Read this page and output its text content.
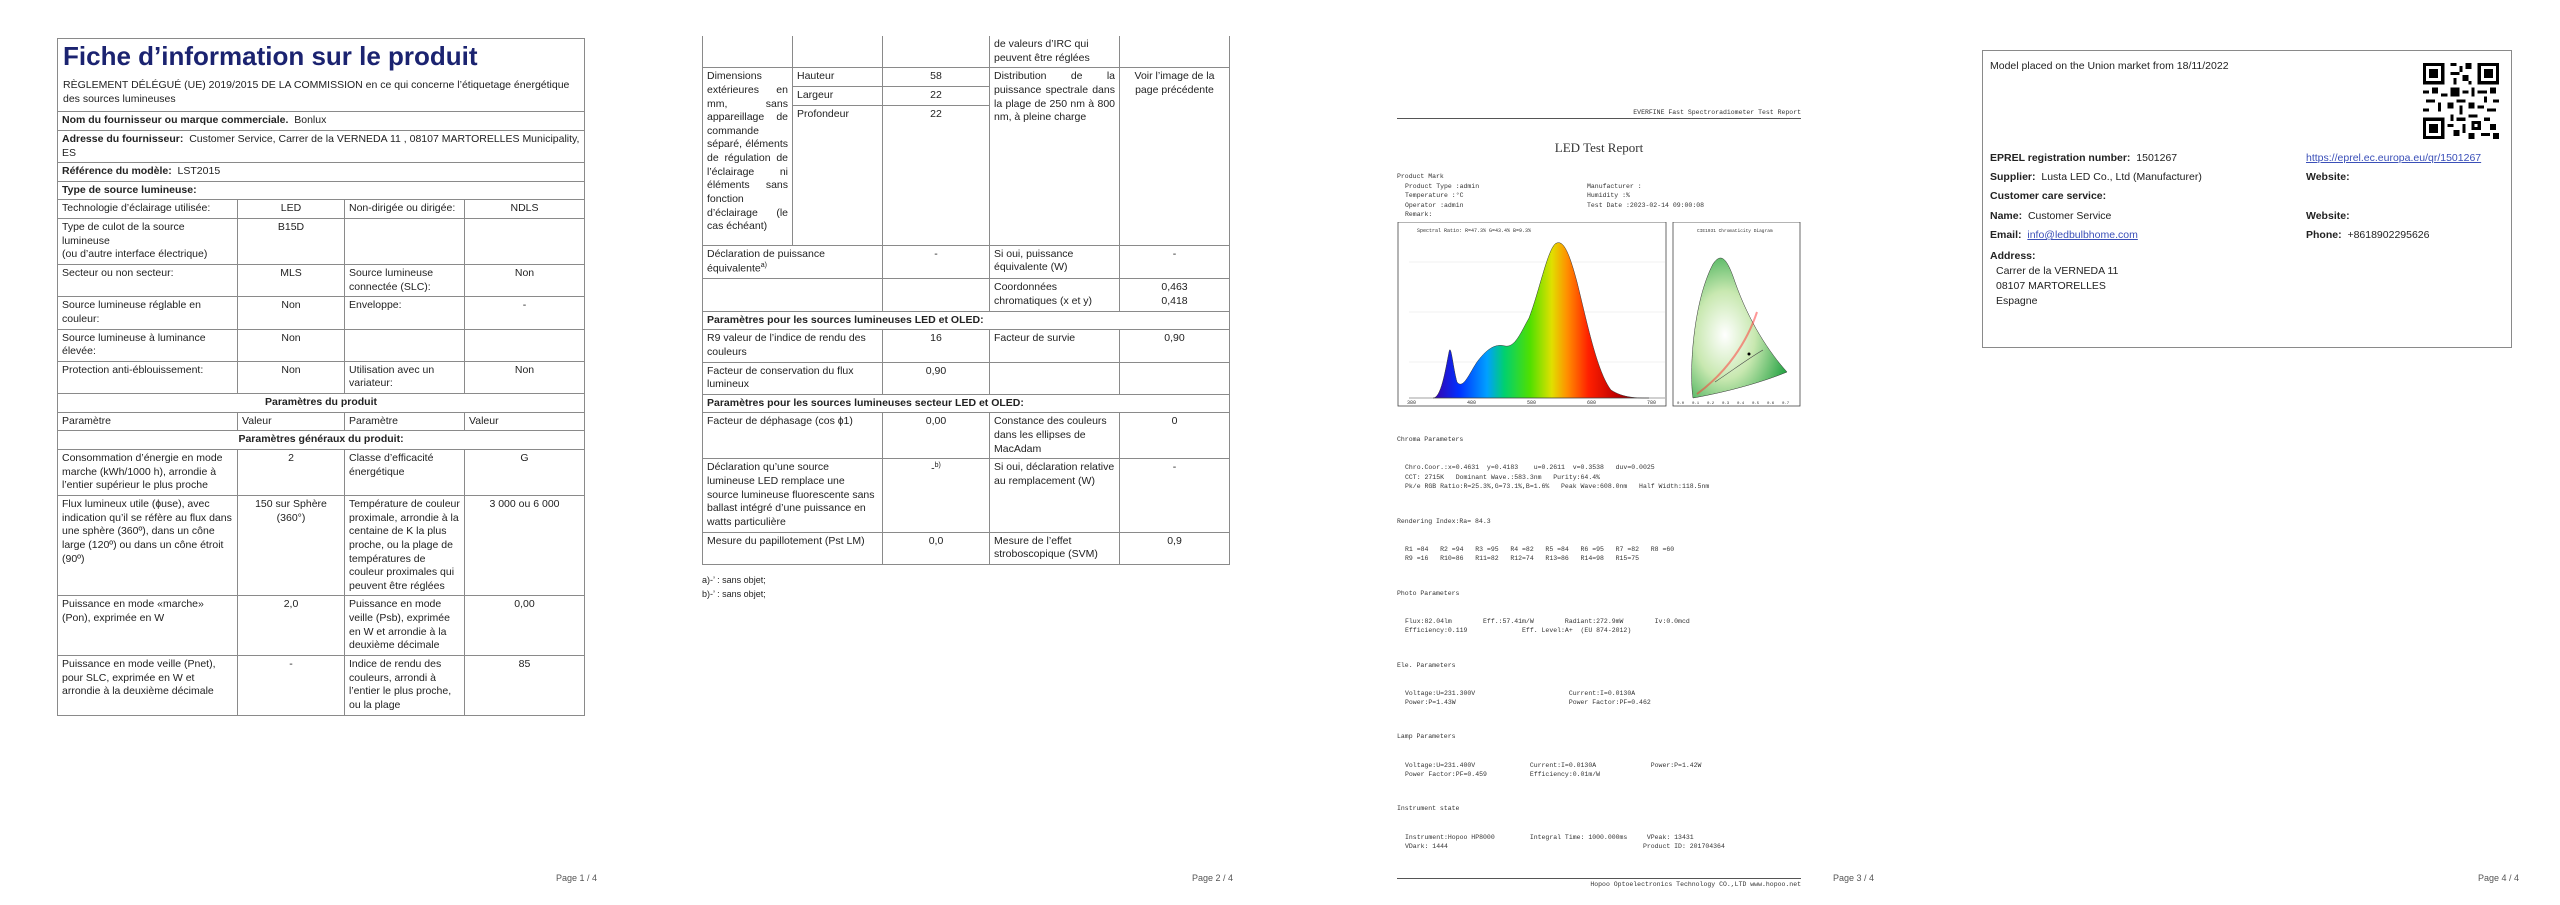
Fiche d’information sur le produit
RÈGLEMENT DÉLÉGUÉ (UE) 2019/2015 DE LA COMMISSION en ce qui concerne l’étiquetage énergétique des sources lumineuses
Nom du fournisseur ou marque commerciale. Bonlux			
Adresse du fournisseur: Customer Service, Carrer de la VERNEDA 11 , 08107 MARTORELLES Municipality, ES			
Référence du modèle: LST2015			
Type de source lumineuse:			
Technologie d’éclairage utilisée:	LED	Non-dirigée ou dirigée:	NDLS

Type de culot de la source lumineuse
(ou d’autre interface électrique)	B15D		
Secteur ou non secteur:	MLS	Source lumineuse connectée (SLC):	Non
Source lumineuse réglable en couleur:	Non	Enveloppe:	-
Source lumineuse à luminance élevée:	Non		
Protection anti-éblouissement:	Non	Utilisation avec un variateur:	Non
Paramètres du produit			
Paramètre	Valeur	Paramètre	Valeur
Paramètres généraux du produit:			
Consommation d’énergie en mode marche (kWh/1000 h), arrondie à l’entier supérieur le plus proche	2	Classe d’efficacité énergétique	G
Flux lumineux utile (ɸuse), avec indication qu’il se réfère au flux dans une sphère (360º), dans un cône large (120º) ou dans un cône étroit (90º)	150 sur Sphère (360°)	Température de couleur proximale, arrondie à la centaine de K la plus proche, ou la plage de températures de couleur proximales qui peuvent être réglées	3 000 ou 6 000
Puissance en mode «marche» (Pon), exprimée en W	2,0	Puissance en mode veille (Psb), exprimée en W et arrondie à la deuxième décimale	0,00
Puissance en mode veille (Pnet), pour SLC, exprimée en W et arrondie à la deuxième décimale	-	Indice de rendu des couleurs, arrondi à l’entier le plus proche, ou la plage	85
Page 1 / 4
			de valeurs d’IRC qui peuvent être réglées	
Dimensions extérieures en mm, sans appareillage de commande séparé, éléments de régulation de l’éclairage ni éléments sans fonction d’éclairage (le cas échéant)	Hauteur	58	Distribution de la puissance spectrale dans la plage de 250 nm à 800 nm, à pleine charge	Voir l’image de la page précédente
	Largeur	22		
	Profondeur	22		

Déclaration de puissance équivalente$^{a)}$		-	Si oui, puissance équivalente (W)	-
			Coordonnées chromatiques (x et y)	0,463
0,418

Paramètres pour les sources lumineuses LED et OLED:				
R9 valeur de l’indice de rendu des couleurs		16	Facteur de survie	0,90
Facteur de conservation du flux lumineux		0,90		
Paramètres pour les sources lumineuses secteur LED et OLED:				
Facteur de déphasage (cos ɸ1)		0,00	Constance des couleurs dans les ellipses de MacAdam	0
Déclaration qu’une source lumineuse LED remplace une source lumineuse fluorescente sans ballast intégré d’une puissance en watts particulière		-$^{b)}$	Si oui, déclaration relative au remplacement (W)	-
Mesure du papillotement (Pst LM)		0,0	Mesure de l’effet stroboscopique (SVM)	0,9
a)-’ : sans objet;
b)-’ : sans objet;
Page 2 / 4
EVERFINE Fast Spectroradiometer Test Report
LED Test Report
Product Mark
Product Type :admin
Temperature :°C
Operator :admin
Remark:
Manufacturer :
Humidity :%
Test Date :2023-02-14 09:00:08
Spectral Ratio: R=47.3% G=43.4% B=9.3%
380	480	580	680	780
CIE1931 Chromaticity Diagram
0.0 0.1 0.2 0.3 0.4 0.5 0.6 0.7

Chroma Parameters

Chro.Coor.:x=0.4631  y=0.4183    u=0.2611  v=0.3538   duv=0.0025
CCT: 2715K   Dominant Wave.:583.3nm   Purity:64.4%
Pk/e RGB Ratio:R=25.3%,G=73.1%,B=1.6%   Peak Wave:608.0nm   Half Width:118.5nm

Rendering Index:Ra= 84.3

R1 =84   R2 =94   R3 =95   R4 =82   R5 =84   R6 =95   R7 =82   R8 =60
R9 =16   R10=86   R11=82   R12=74   R13=86   R14=98   R15=75

Photo Parameters

Flux:82.04lm        Eff.:57.41m/W        Radiant:272.9mW        Iv:0.0mcd
Efficiency:0.119              Eff. Level:A+  (EU 874-2012)

Ele. Parameters

Voltage:U=231.300V                        Current:I=0.0130A
Power:P=1.43W                             Power Factor:PF=0.462

Lamp Parameters

Voltage:U=231.400V              Current:I=0.0130A              Power:P=1.42W
Power Factor:PF=0.459           Efficiency:0.01m/W

Instrument state

Instrument:Hopoo HP8000         Integral Time: 1000.000ms     VPeak: 13431
VDark: 1444                                                  Product ID: 201704364

Hopoo Optoelectronics Technology CO.,LTD www.hopoo.net
Page 3 / 4
Model placed on the Union market from 18/11/2022
EPREL registration number: 1501267	https://eprel.ec.europa.eu/qr/1501267
Supplier: Lusta LED Co., Ltd (Manufacturer)	Website:
Customer care service:
Name: Customer Service	Website:
Email: info@ledbulbhome.com	Phone: +8618902295626
Address:
Carrer de la VERNEDA 11
08107 MARTORELLES
Espagne
Page 4 / 4
